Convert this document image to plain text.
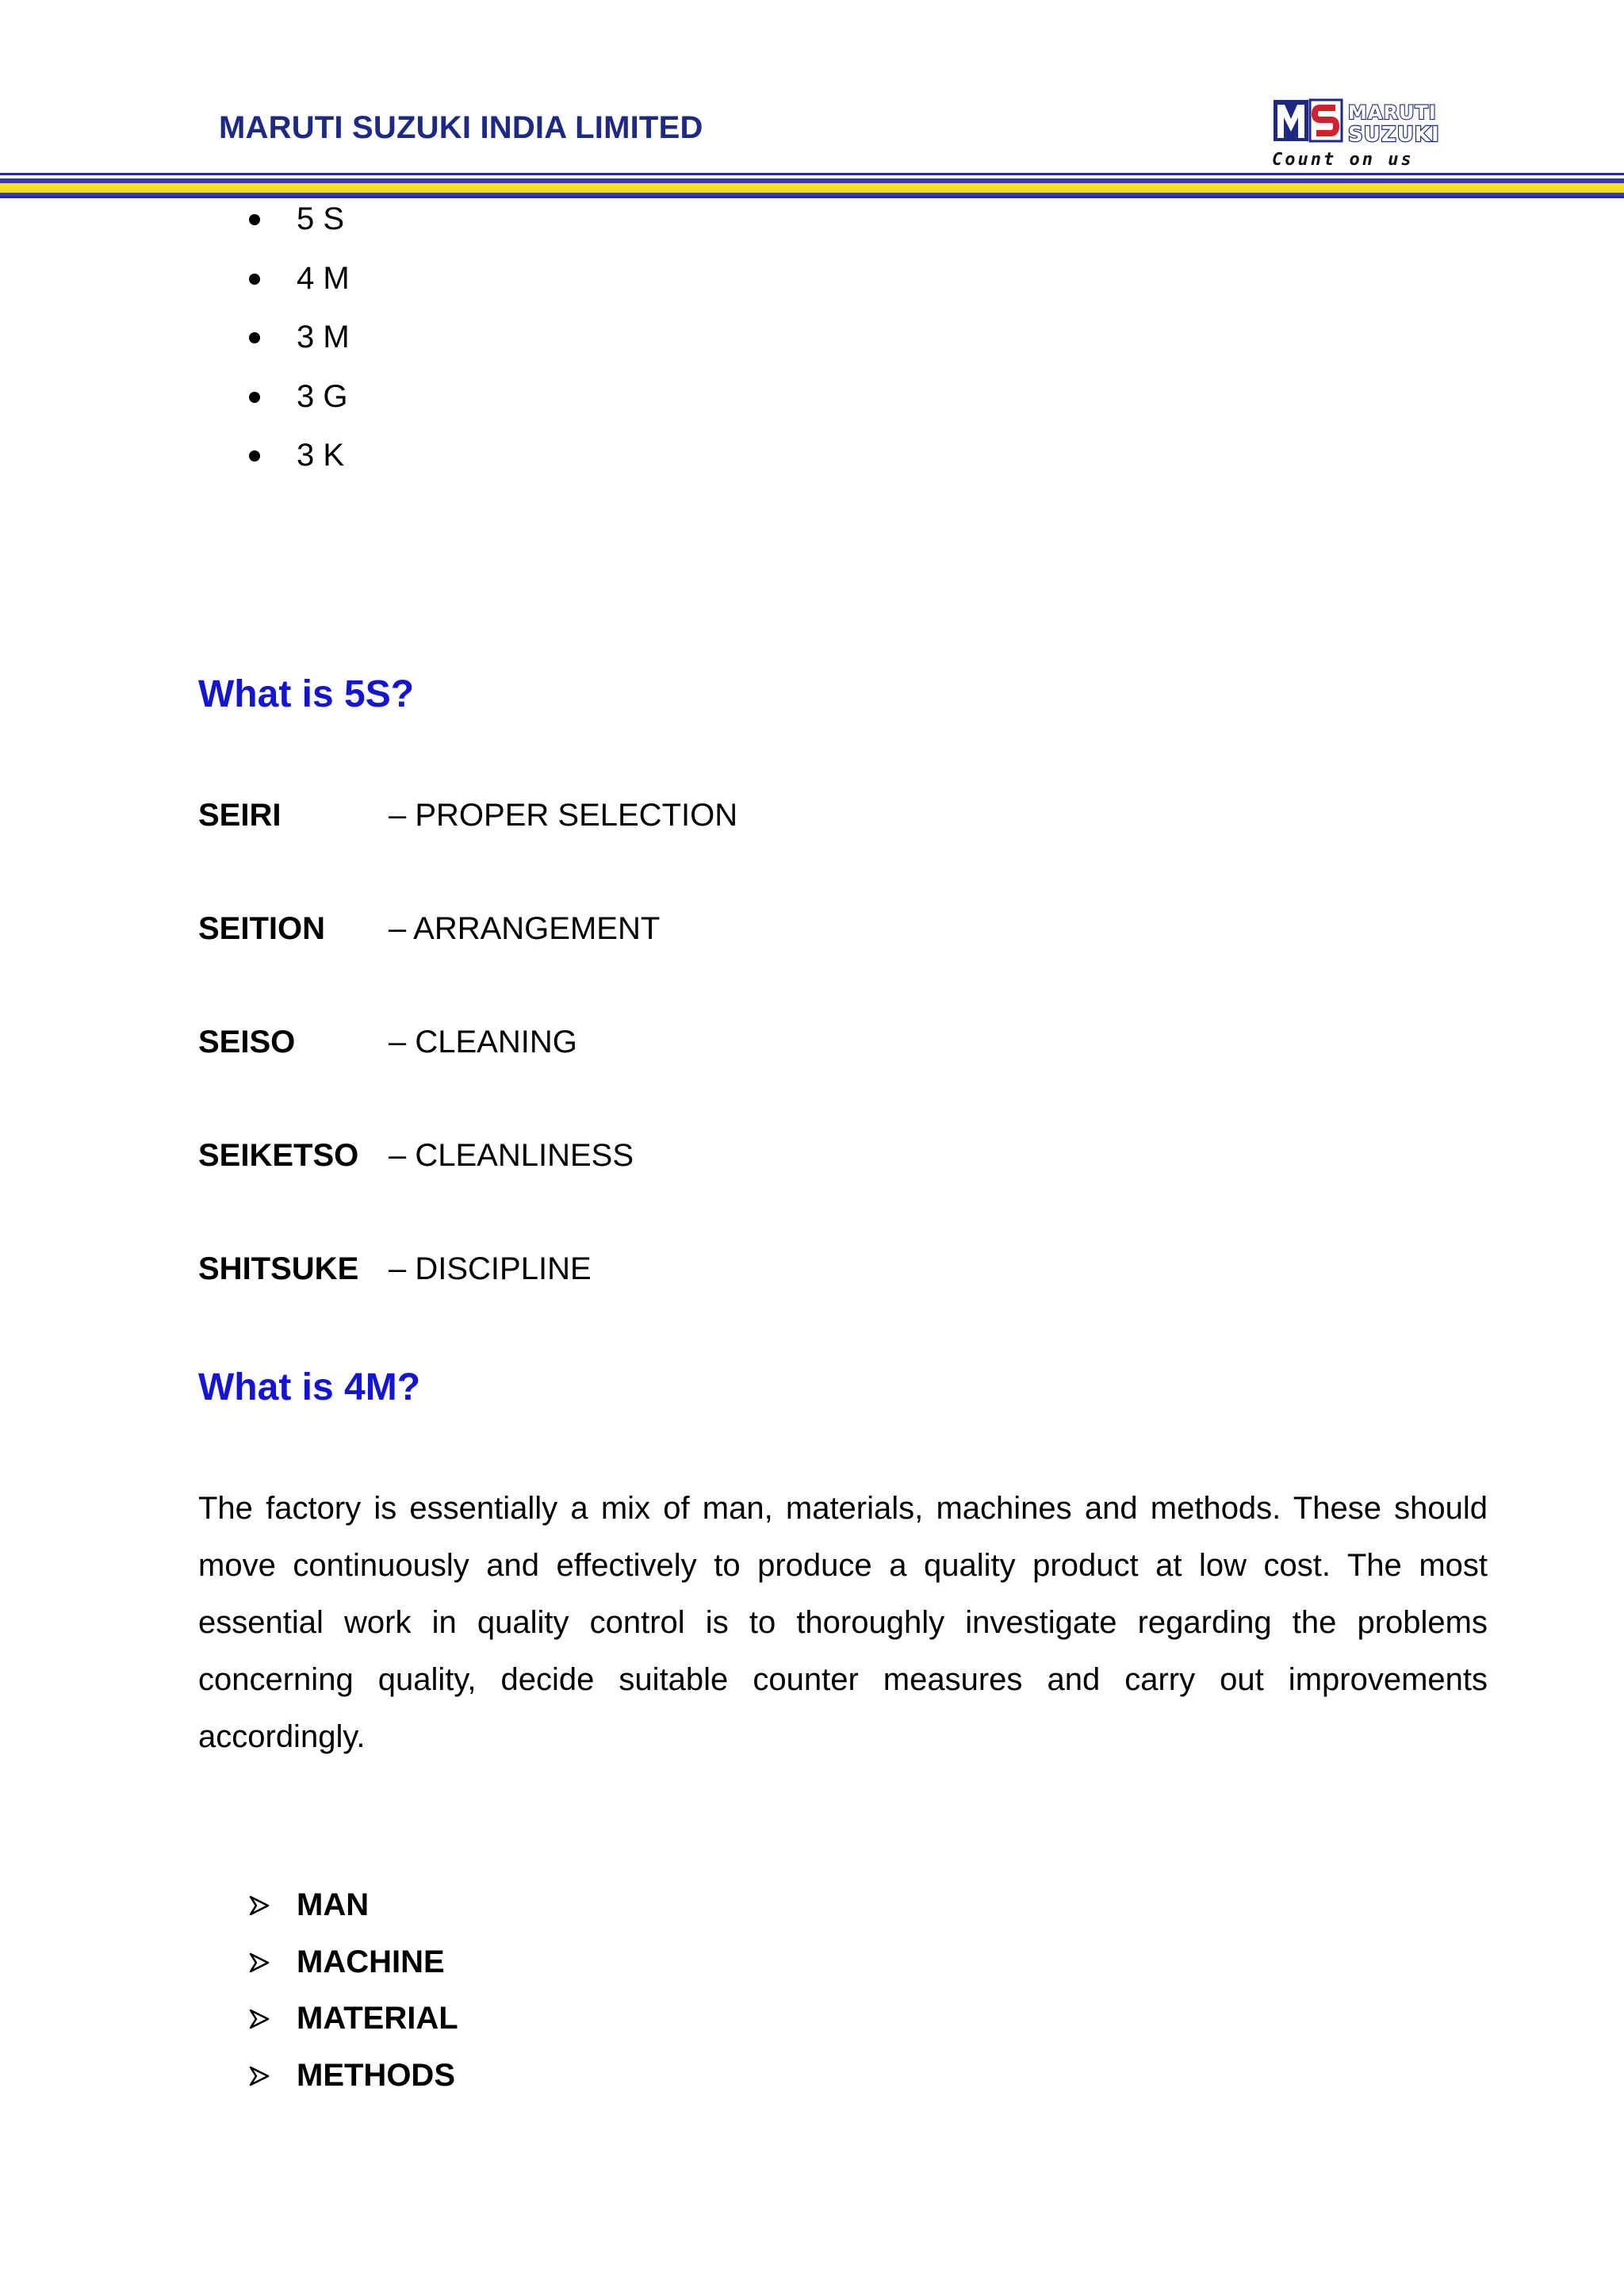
MARUTI SUZUKI INDIA LIMITED	MARUTI
SUZUKI
Count on us
5 S
4 M
3 M
3 G
3 K
What is 5S?
SEIRI	– PROPER SELECTION
SEITION – ARRANGEMENT
SEISO	– CLEANING
SEIKETSO – CLEANLINESS
SHITSUKE – DISCIPLINE
What is 4M?

The factory is essentially a mix of man, materials, machines and methods. These should move continuously and effectively to produce a quality product at low cost. The most essential work in quality control is to thoroughly investigate regarding the problems concerning quality, decide suitable counter measures and carry out improvements accordingly.

MAN
MACHINE
MATERIAL
METHODS
